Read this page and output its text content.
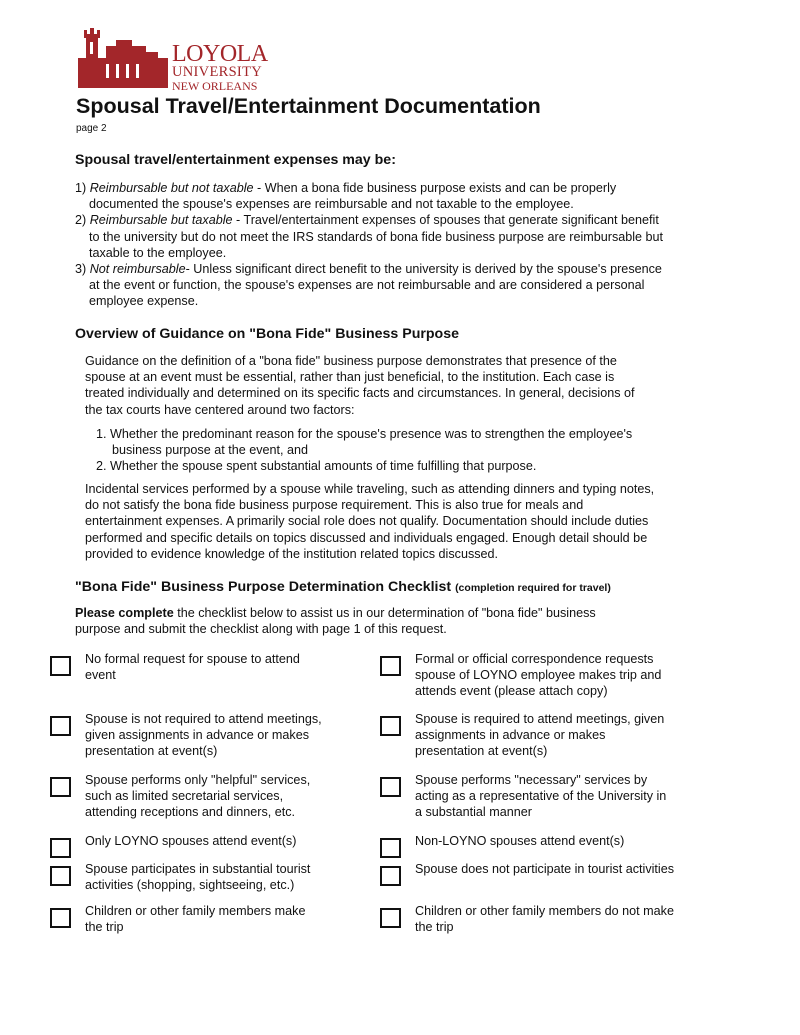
LOYOLA
UNIVERSITY
NEW ORLEANS
Spousal Travel/Entertainment Documentation
page 2
Spousal travel/entertainment expenses may be:
1) Reimbursable but not taxable - When a bona fide business purpose exists and can be properly documented the spouse's expenses are reimbursable and not taxable to the employee.
2) Reimbursable but taxable - Travel/entertainment expenses of spouses that generate significant benefit to the university but do not meet the IRS standards of bona fide business purpose are reimbursable but taxable to the employee.
3) Not reimbursable- Unless significant direct benefit to the university is derived by the spouse's presence at the event or function, the spouse's expenses are not reimbursable and are considered a personal employee expense.
Overview of Guidance on "Bona Fide" Business Purpose
Guidance on the definition of a "bona fide" business purpose demonstrates that presence of the spouse at an event must be essential, rather than just beneficial, to the institution. Each case is treated individually and determined on its specific facts and circumstances. In general, decisions of the tax courts have centered around two factors:
1. Whether the predominant reason for the spouse's presence was to strengthen the employee's business purpose at the event, and
2. Whether the spouse spent substantial amounts of time fulfilling that purpose.
Incidental services performed by a spouse while traveling, such as attending dinners and typing notes, do not satisfy the bona fide business purpose requirement. This is also true for meals and entertainment expenses. A primarily social role does not qualify. Documentation should include duties performed and specific details on topics discussed and individuals engaged. Enough detail should be provided to evidence knowledge of the institution related topics discussed.
"Bona Fide" Business Purpose Determination Checklist (completion required for travel)
Please complete the checklist below to assist us in our determination of "bona fide" business purpose and submit the checklist along with page 1 of this request.
No formal request for spouse to attend event
Formal or official correspondence requests spouse of LOYNO employee makes trip and attends event (please attach copy)
Spouse is not required to attend meetings, given assignments in advance or makes presentation at event(s)
Spouse is required to attend meetings, given assignments in advance or makes presentation at event(s)
Spouse performs only "helpful" services, such as limited secretarial services, attending receptions and dinners, etc.
Spouse performs "necessary" services by acting as a representative of the University in a substantial manner
Only LOYNO spouses attend event(s)	Non-LOYNO spouses attend event(s)
Spouse participates in substantial tourist activities (shopping, sightseeing, etc.)
Spouse does not participate in tourist activities
Children or other family members make the trip
Children or other family members do not make the trip
